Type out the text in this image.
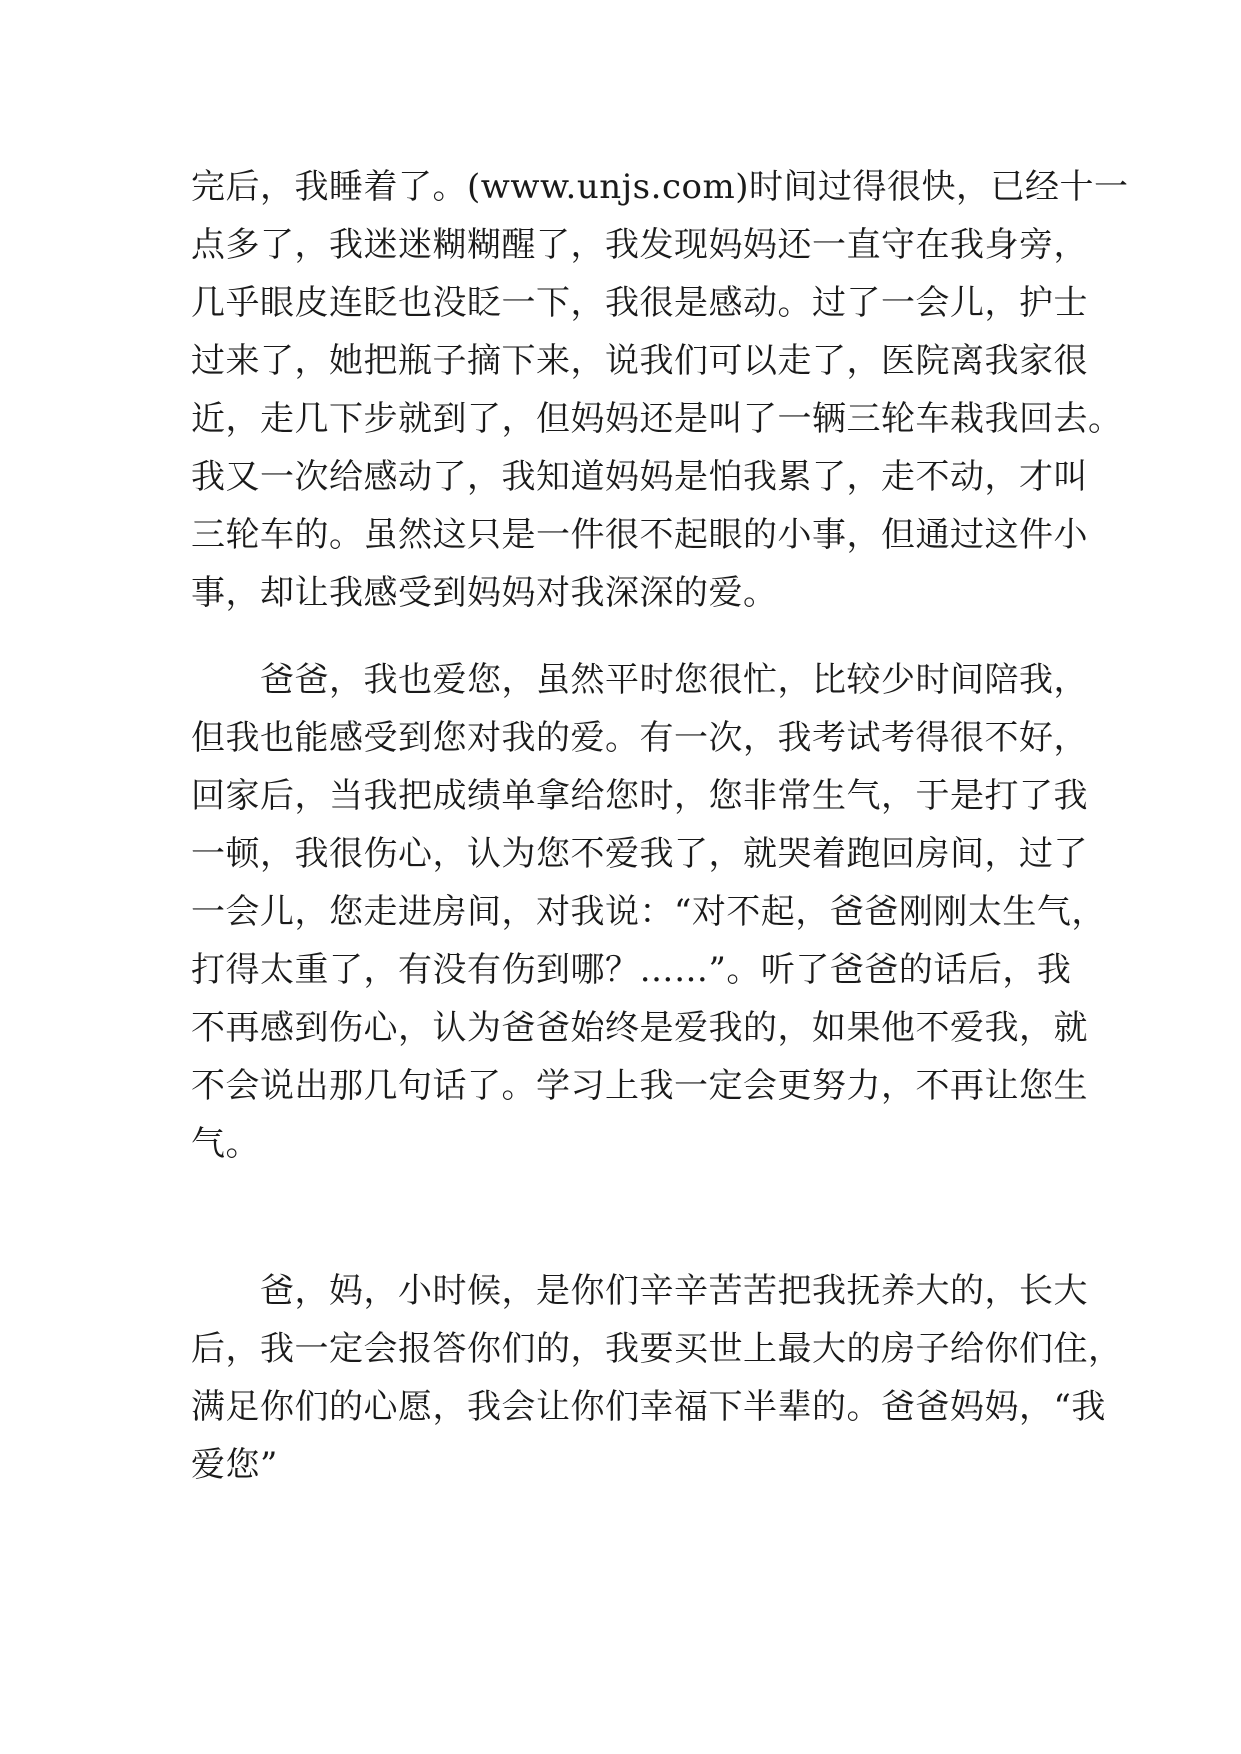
完后，我睡着了。(www.unjs.com)时间过得很快，已经十一
点多了，我迷迷糊糊醒了，我发现妈妈还一直守在我身旁，
几乎眼皮连眨也没眨一下，我很是感动。过了一会儿，护士
过来了，她把瓶子摘下来，说我们可以走了，医院离我家很
近，走几下步就到了，但妈妈还是叫了一辆三轮车栽我回去。
我又一次给感动了，我知道妈妈是怕我累了，走不动，才叫
三轮车的。虽然这只是一件很不起眼的小事，但通过这件小
事，却让我感受到妈妈对我深深的爱。
　　爸爸，我也爱您，虽然平时您很忙，比较少时间陪我，
但我也能感受到您对我的爱。有一次，我考试考得很不好，
回家后，当我把成绩单拿给您时，您非常生气，于是打了我
一顿，我很伤心，认为您不爱我了，就哭着跑回房间，过了
一会儿，您走进房间，对我说：“对不起，爸爸刚刚太生气，
打得太重了，有没有伤到哪？……”。听了爸爸的话后，我
不再感到伤心，认为爸爸始终是爱我的，如果他不爱我，就
不会说出那几句话了。学习上我一定会更努力，不再让您生
气。
　　爸，妈，小时候，是你们辛辛苦苦把我抚养大的，长大
后，我一定会报答你们的，我要买世上最大的房子给你们住，
满足你们的心愿，我会让你们幸福下半辈的。爸爸妈妈，“我
爱您”
